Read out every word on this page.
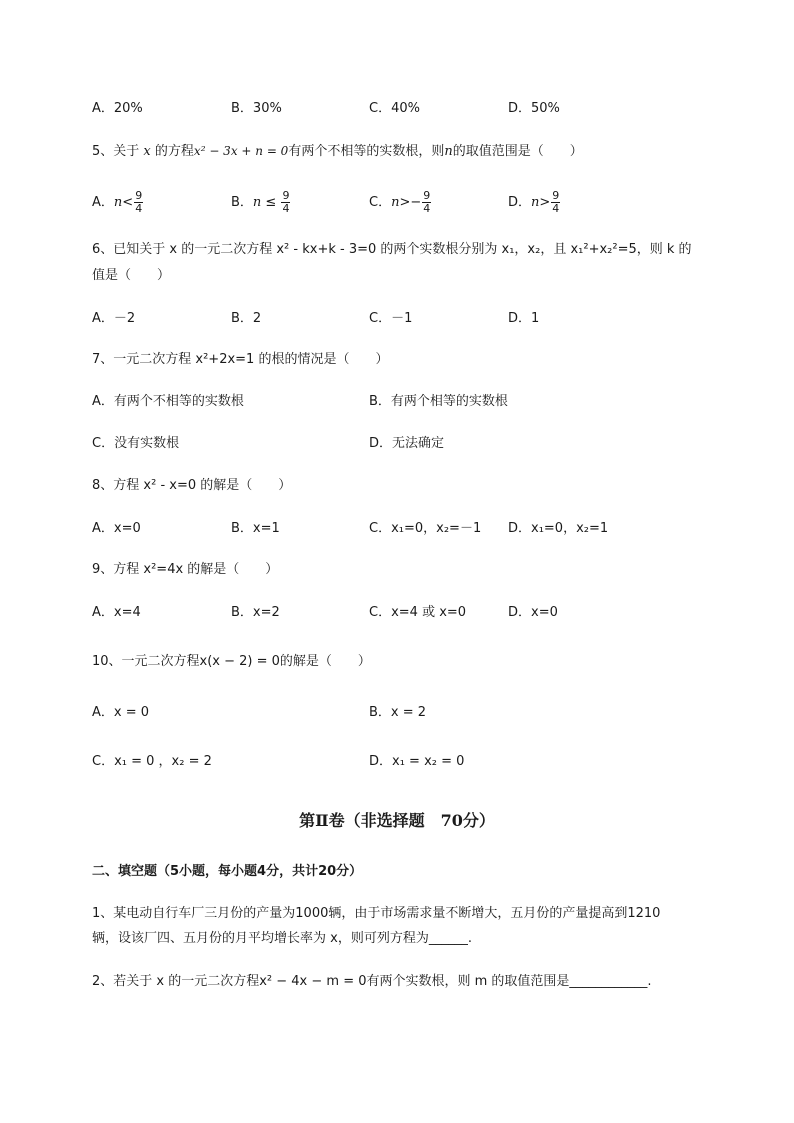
A．20%	B．30%	C．40%	D．50%
5、关于 x 的方程x² − 3x + n = 0有两个不相等的实数根，则n的取值范围是（　　）
A．$n< \frac{9}{4}$	B．$n \le \frac{9}{4}$	C．$n>- \frac{9}{4}$	D．$n> \frac{9}{4}$
6、已知关于 x 的一元二次方程 x² - kx+k - 3=0 的两个实数根分别为 x₁，x₂，且 x₁²+x₂²=5，则 k 的
值是（　　）
A．－2	B．2	C．－1	D．1
7、一元二次方程 x²+2x=1 的根的情况是（　　）
A．有两个不相等的实数根	B．有两个相等的实数根
C．没有实数根	D．无法确定
8、方程 x² - x=0 的解是（　　）
A．x=0	B．x=1	C．x₁=0，x₂=－1 D．x₁=0，x₂=1
9、方程 x²=4x 的解是（　　）
A．x=4	B．x=2	C．x=4 或 x=0	D．x=0
10、一元二次方程x(x − 2) = 0的解是（　　）
A．x = 0	B．x = 2
C．x₁ = 0 ，x₂ = 2	D．x₁ = x₂ = 0
第Ⅱ卷（非选择题　70分）
二、填空题（5小题，每小题4分，共计20分）
1、某电动自行车厂三月份的产量为1000辆，由于市场需求量不断增大，五月份的产量提高到1210
辆，设该厂四、五月份的月平均增长率为 x，则可列方程为______.
2、若关于 x 的一元二次方程x² − 4x − m = 0有两个实数根，则 m 的取值范围是____________.
